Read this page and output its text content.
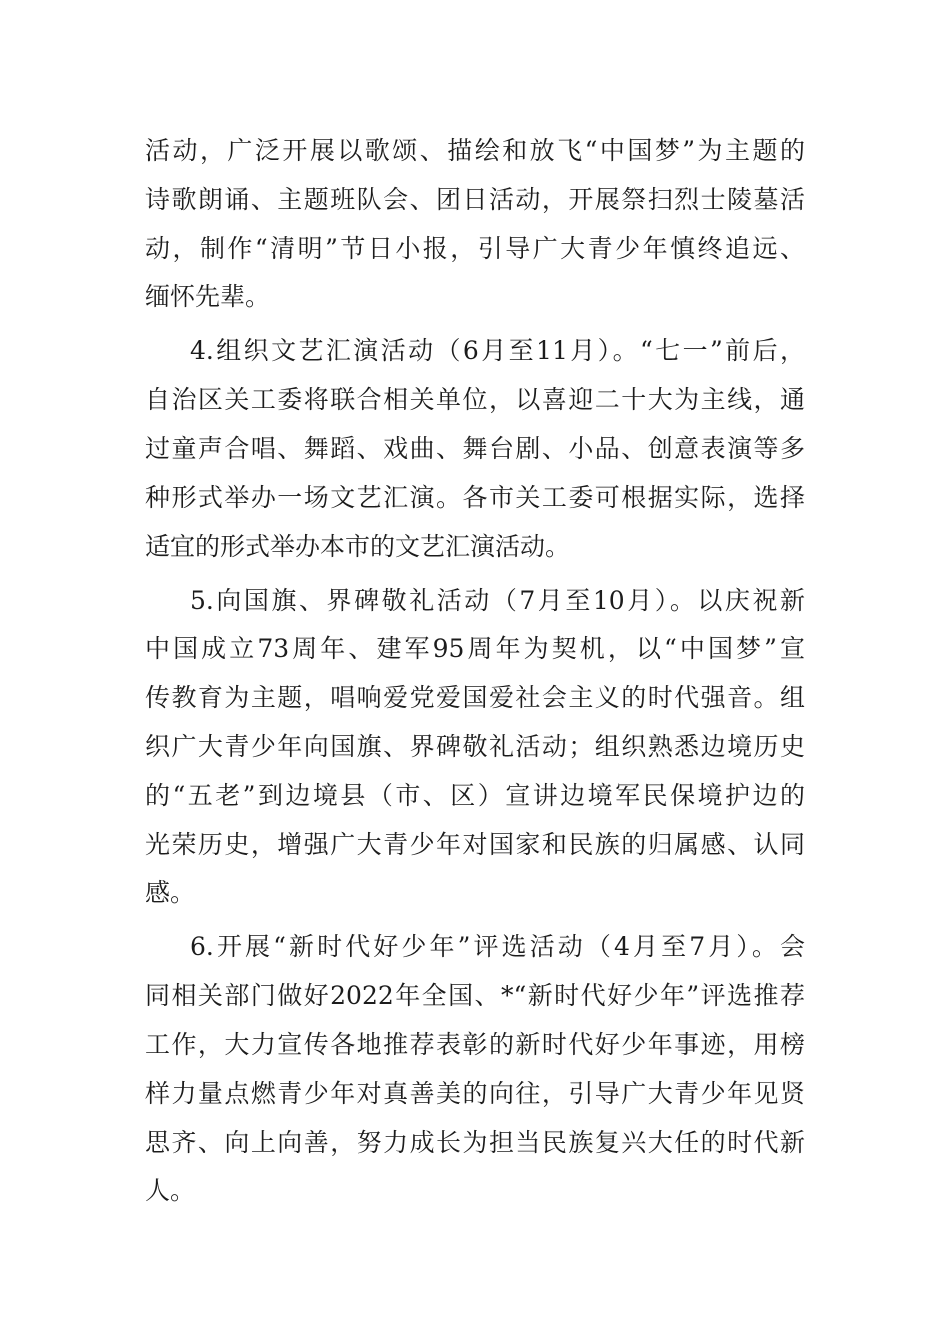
活动，广泛开展以歌颂、描绘和放飞“中国梦”为主题的
诗歌朗诵、主题班队会、团日活动，开展祭扫烈士陵墓活
动，制作“清明”节日小报，引导广大青少年慎终追远、
缅怀先辈。
4.组织文艺汇演活动（6月至11月）。“七一”前后，
自治区关工委将联合相关单位，以喜迎二十大为主线，通
过童声合唱、舞蹈、戏曲、舞台剧、小品、创意表演等多
种形式举办一场文艺汇演。各市关工委可根据实际，选择
适宜的形式举办本市的文艺汇演活动。
5.向国旗、界碑敬礼活动（7月至10月）。以庆祝新
中国成立73周年、建军95周年为契机，以“中国梦”宣
传教育为主题，唱响爱党爱国爱社会主义的时代强音。组
织广大青少年向国旗、界碑敬礼活动；组织熟悉边境历史
的“五老”到边境县（市、区）宣讲边境军民保境护边的
光荣历史，增强广大青少年对国家和民族的归属感、认同
感。
6.开展“新时代好少年”评选活动（4月至7月）。会
同相关部门做好2022年全国、*“新时代好少年”评选推荐
工作，大力宣传各地推荐表彰的新时代好少年事迹，用榜
样力量点燃青少年对真善美的向往，引导广大青少年见贤
思齐、向上向善，努力成长为担当民族复兴大任的时代新
人。
